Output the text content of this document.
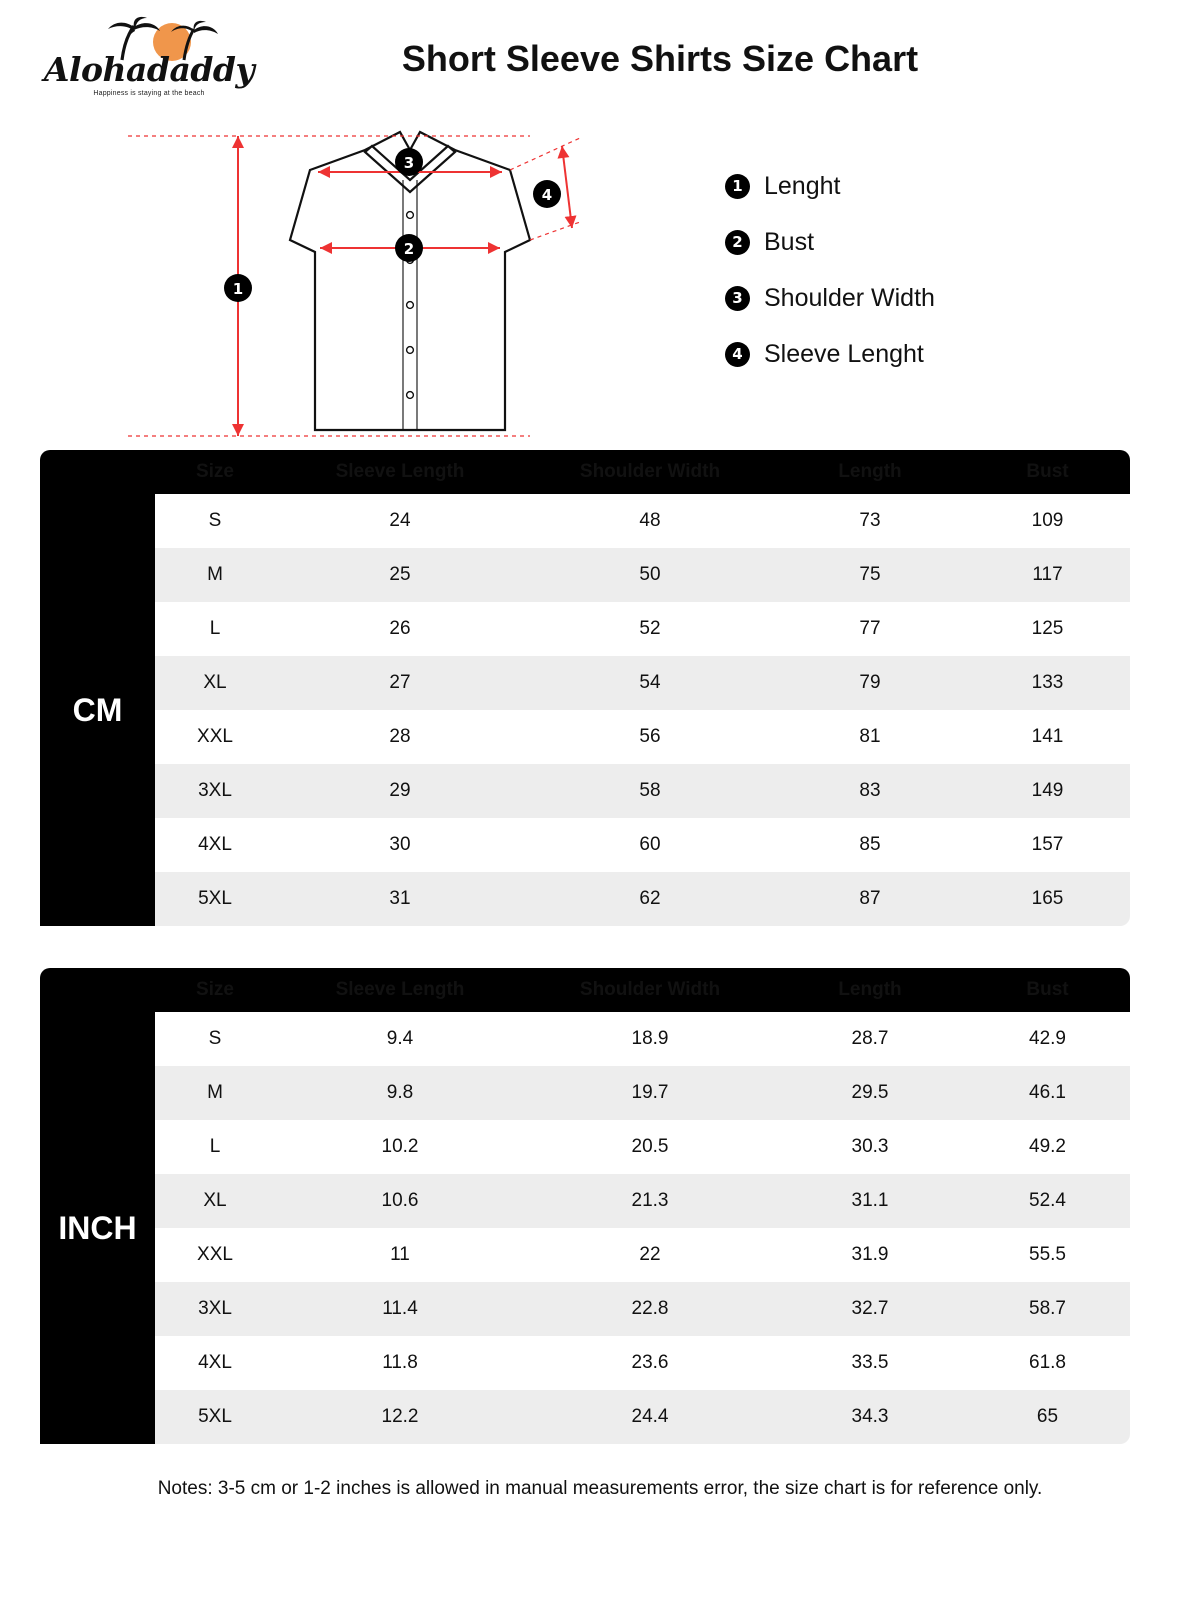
Alohadaddy
Happiness is staying at the beach
Short Sleeve Shirts Size Chart
1
2
3
4	1 Lenght
2 Bust
3 Shoulder Width
4 Sleeve Lenght
	Size	Sleeve Length	Shoulder Width	Length	Bust
CM	S	24	48	73	109
	M	25	50	75	117
	L	26	52	77	125
	XL	27	54	79	133
	XXL	28	56	81	141
	3XL	29	58	83	149
	4XL	30	60	85	157
	5XL	31	62	87	165
	Size	Sleeve Length	Shoulder Width	Length	Bust
INCH	S	9.4	18.9	28.7	42.9
	M	9.8	19.7	29.5	46.1
	L	10.2	20.5	30.3	49.2
	XL	10.6	21.3	31.1	52.4
	XXL	11	22	31.9	55.5
	3XL	11.4	22.8	32.7	58.7
	4XL	11.8	23.6	33.5	61.8
	5XL	12.2	24.4	34.3	65
Notes: 3-5 cm or 1-2 inches is allowed in manual measurements error, the size chart is for reference only.
